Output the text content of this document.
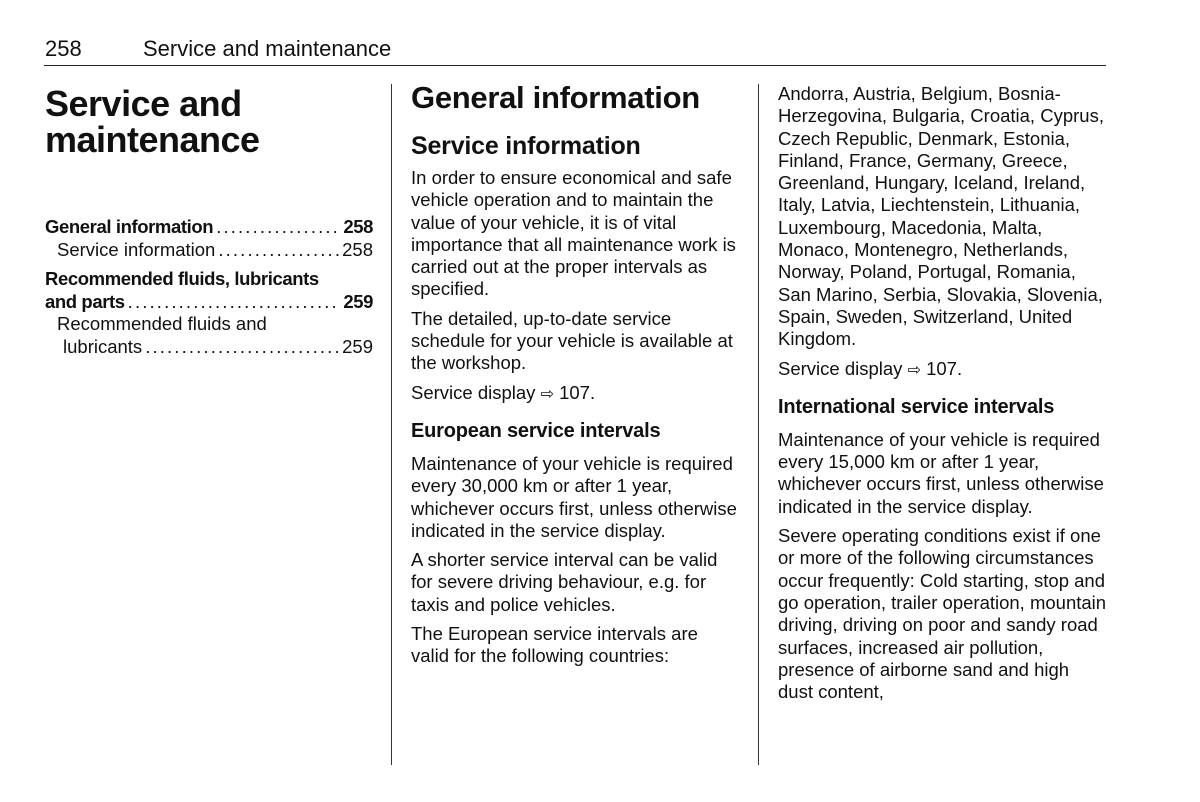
258	Service and maintenance
Service and
maintenance
General information . . .	258
Service information . . .	258
Recommended fluids, lubricants
and parts . . .	259
Recommended fluids and
lubricants . . .	259
General information
Service information

In order to ensure economical and safe vehicle operation and to maintain the value of your vehicle, it is of vital importance that all maintenance work is carried out at the proper intervals as specified.

The detailed, up-to-date service schedule for your vehicle is available at the workshop.

Service display ⇨ 107.

European service intervals

Maintenance of your vehicle is required every 30,000 km or after 1 year, whichever occurs first, unless otherwise indicated in the service display.

A shorter service interval can be valid for severe driving behaviour, e.g. for taxis and police vehicles.

The European service intervals are valid for the following countries:

Andorra, Austria, Belgium, Bosnia-Herzegovina, Bulgaria, Croatia, Cyprus, Czech Republic, Denmark, Estonia, Finland, France, Germany, Greece, Greenland, Hungary, Iceland, Ireland, Italy, Latvia, Liechtenstein, Lithuania, Luxembourg, Macedonia, Malta, Monaco, Montenegro, Netherlands, Norway, Poland, Portugal, Romania, San Marino, Serbia, Slovakia, Slovenia, Spain, Sweden, Switzerland, United Kingdom.

Service display ⇨ 107.

International service intervals

Maintenance of your vehicle is required every 15,000 km or after 1 year, whichever occurs first, unless otherwise indicated in the service display.

Severe operating conditions exist if one or more of the following circumstances occur frequently: Cold starting, stop and go operation, trailer operation, mountain driving, driving on poor and sandy road surfaces, increased air pollution, presence of airborne sand and high dust content,
